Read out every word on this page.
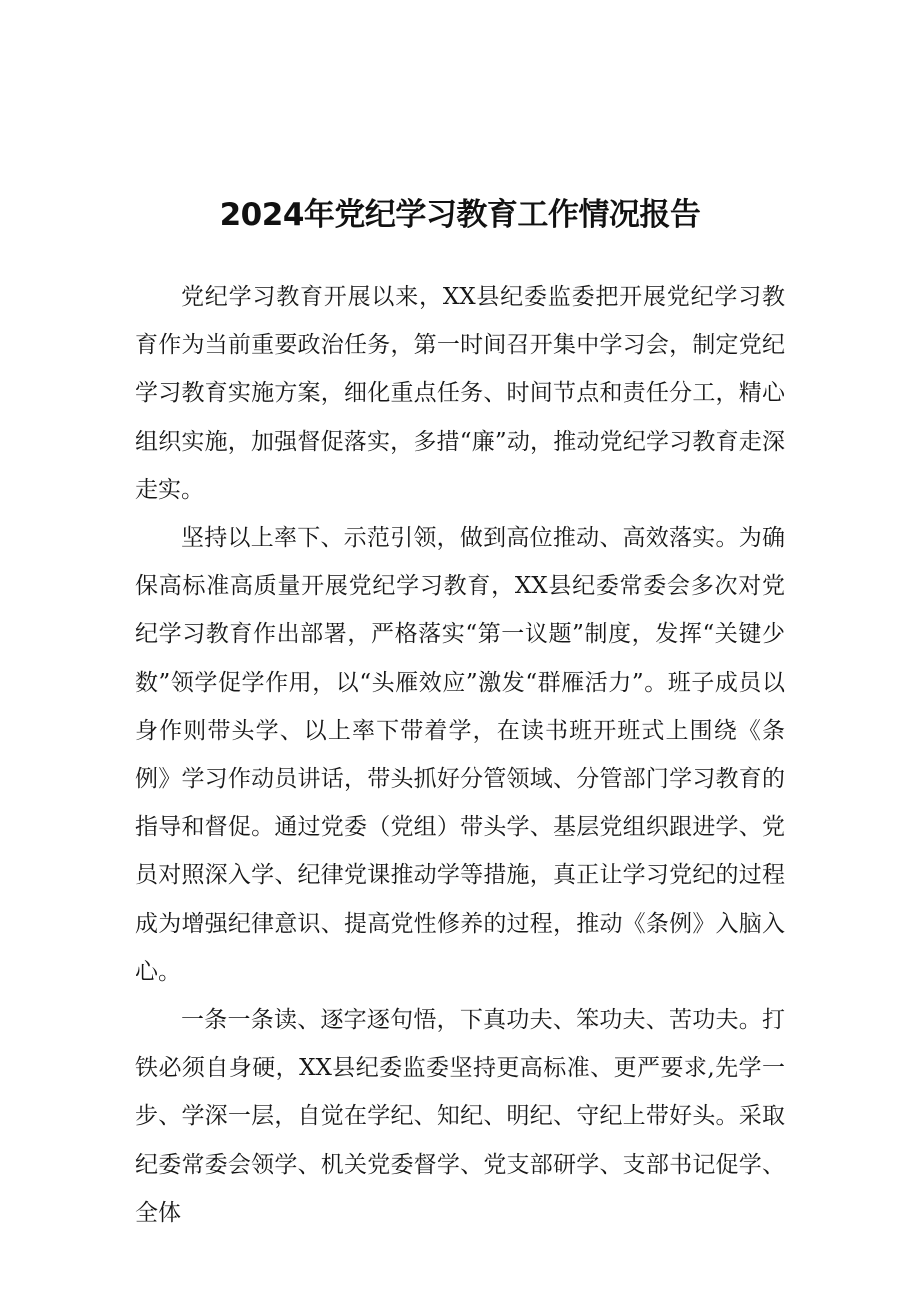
2024年党纪学习教育工作情况报告

党纪学习教育开展以来，XX县纪委监委把开展党纪学习教育作为当前重要政治任务，第一时间召开集中学习会，制定党纪学习教育实施方案，细化重点任务、时间节点和责任分工，精心组织实施，加强督促落实，多措“廉”动，推动党纪学习教育走深走实。

坚持以上率下、示范引领，做到高位推动、高效落实。为确保高标准高质量开展党纪学习教育，XX县纪委常委会多次对党纪学习教育作出部署，严格落实“第一议题”制度，发挥“关键少数”领学促学作用，以“头雁效应”激发“群雁活力”。班子成员以身作则带头学、以上率下带着学，在读书班开班式上围绕《条例》学习作动员讲话，带头抓好分管领域、分管部门学习教育的指导和督促。通过党委（党组）带头学、基层党组织跟进学、党员对照深入学、纪律党课推动学等措施，真正让学习党纪的过程成为增强纪律意识、提高党性修养的过程，推动《条例》入脑入心。

一条一条读、逐字逐句悟，下真功夫、笨功夫、苦功夫。打铁必须自身硬，XX县纪委监委坚持更高标准、更严要求,先学一步、学深一层，自觉在学纪、知纪、明纪、守纪上带好头。采取纪委常委会领学、机关党委督学、党支部研学、支部书记促学、全体
